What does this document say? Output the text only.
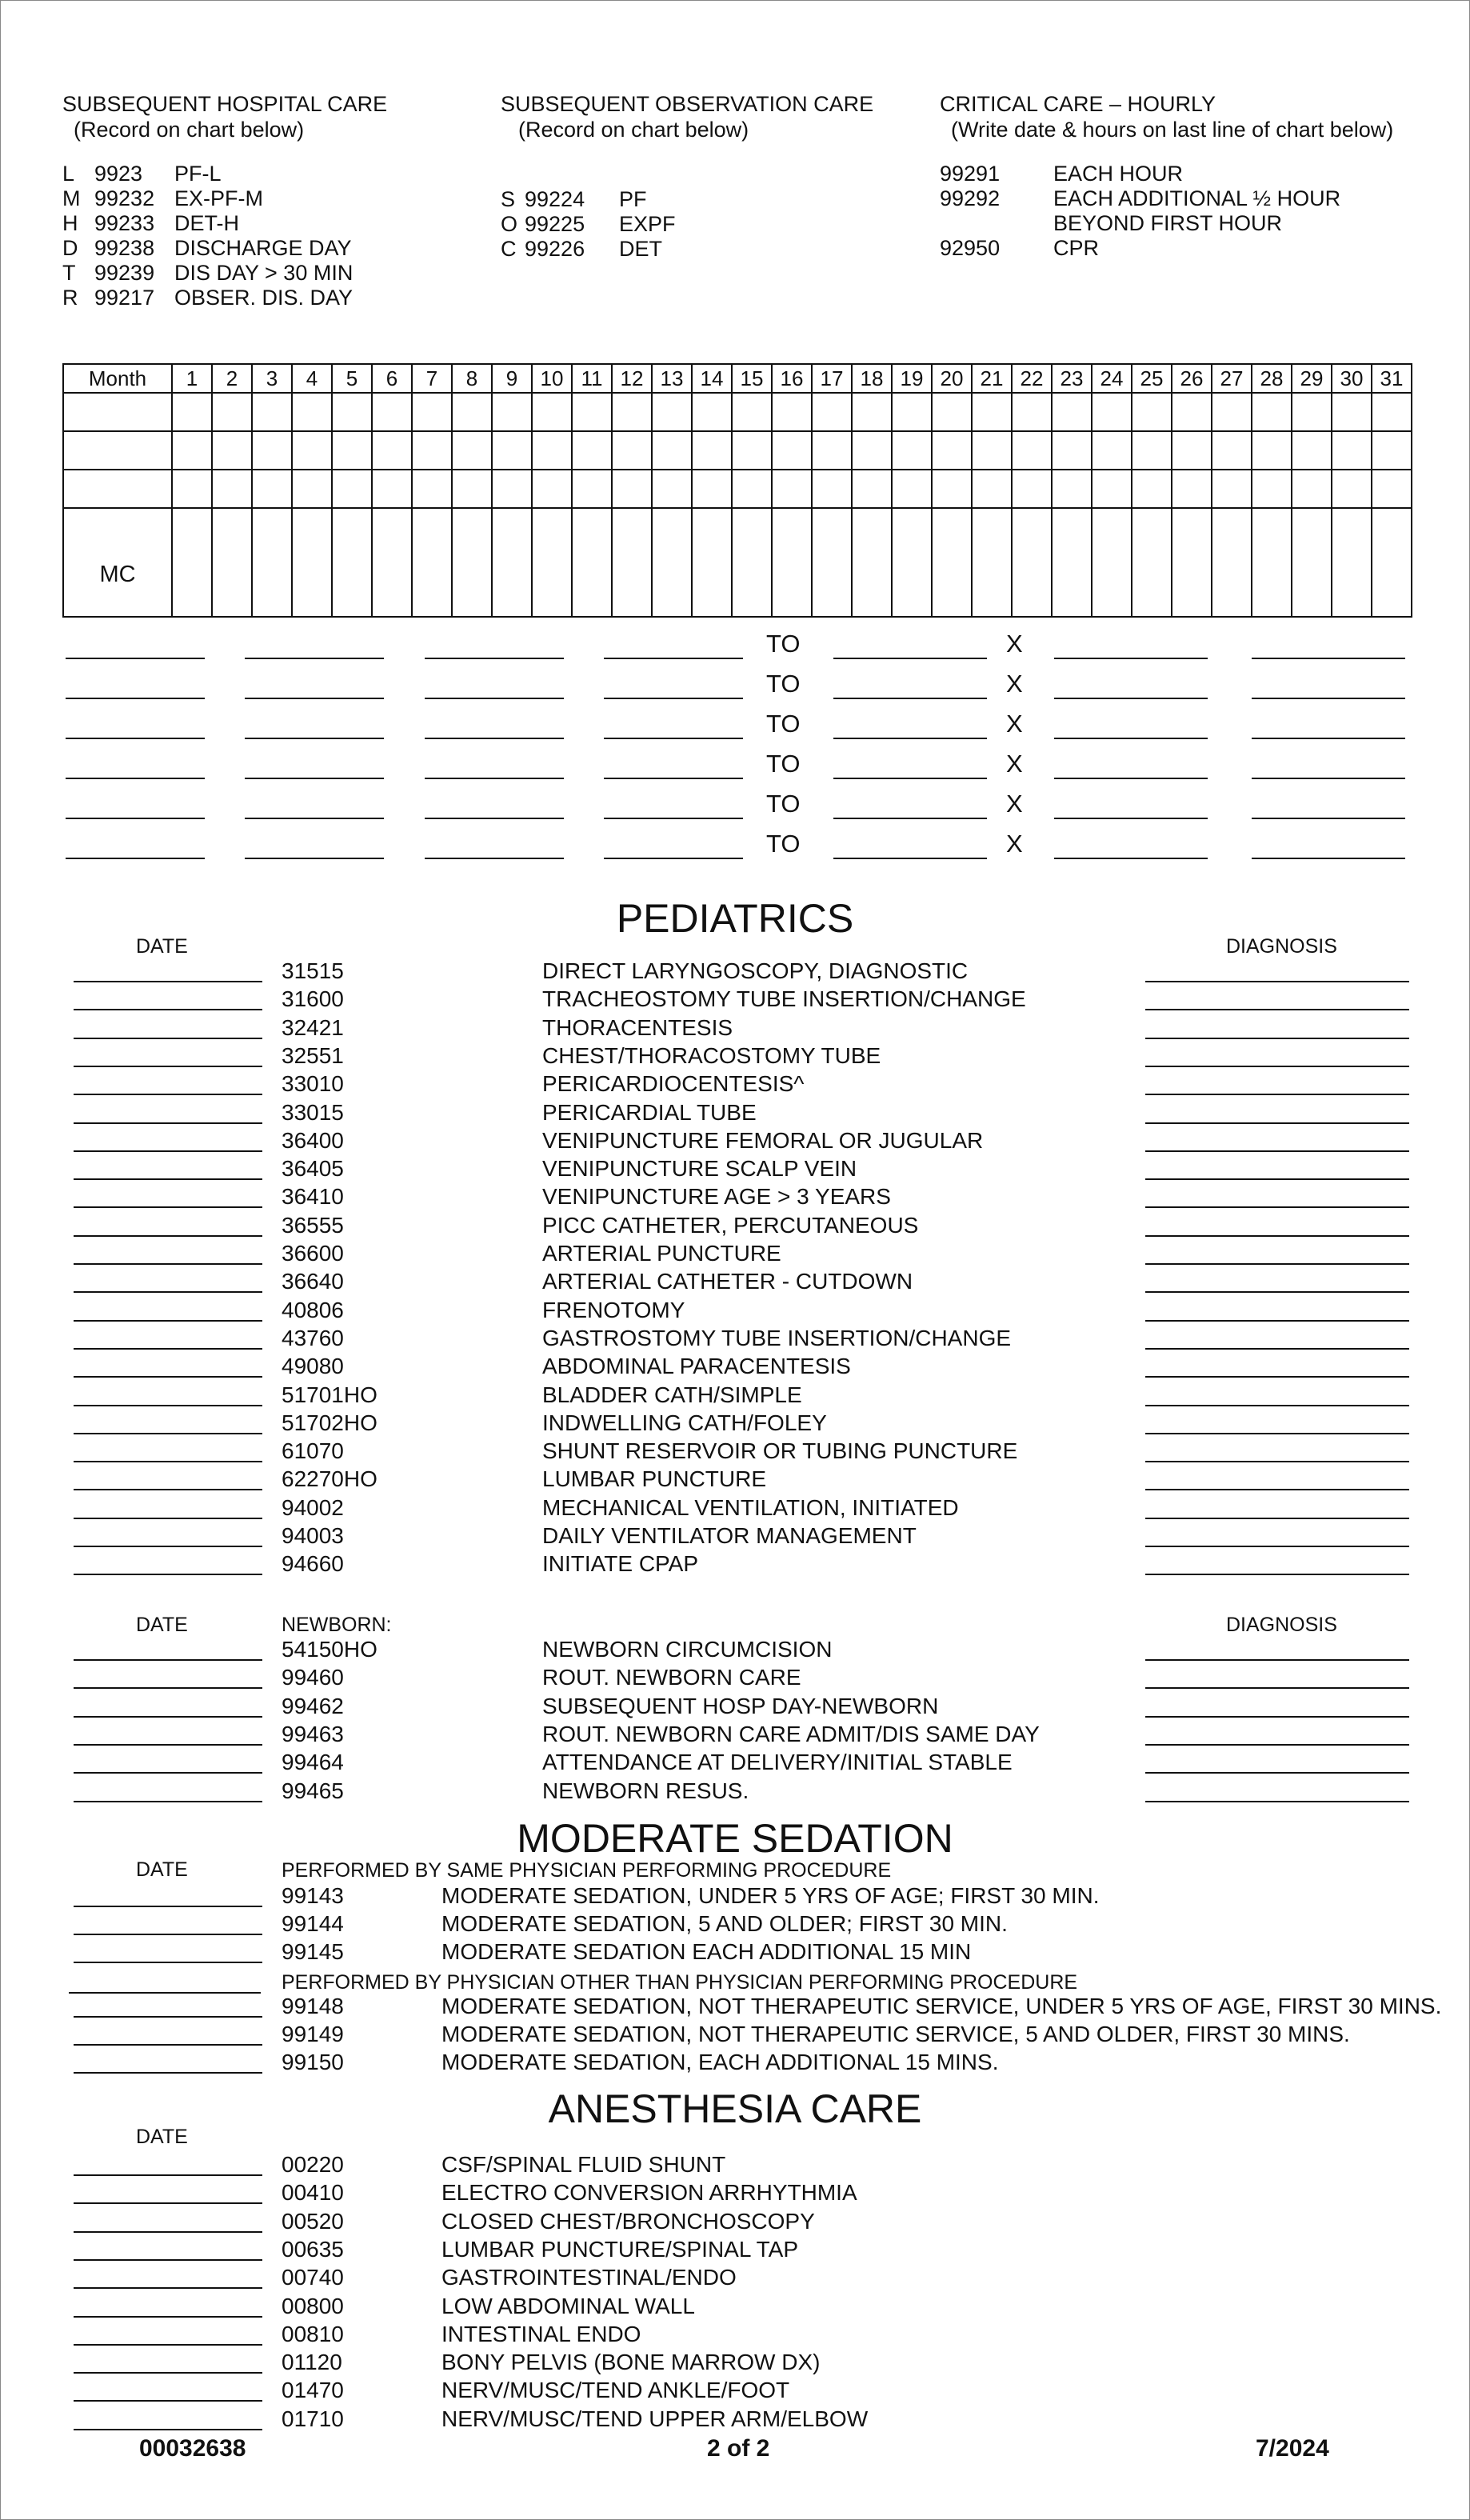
SUBSEQUENT HOSPITAL CARE
(Record on chart below)
L 9923 PF-L
M 99232 EX-PF-M
H 99233 DET-H
D 99238 DISCHARGE DAY
T 99239 DIS DAY > 30 MIN
R 99217 OBSER. DIS. DAY
SUBSEQUENT OBSERVATION CARE
(Record on chart below)
S 99224 PF
O 99225 EXPF
C 99226 DET
CRITICAL CARE – HOURLY
(Write date & hours on last line of chart below)
99291 EACH HOUR
99292 EACH ADDITIONAL ½ HOUR
BEYOND FIRST HOUR
92950 CPR
Month	1	2	3	4	5	6	7	8	9	10	11	12	13	14	15	16	17	18	19	20	21	22	23	24	25	26	27	28	29	30	31

MC																															
TO	X
TO	X
TO	X
TO	X
TO	X
TO	X
PEDIATRICS
DATE	DIAGNOSIS
31515	DIRECT LARYNGOSCOPY, DIAGNOSTIC
31600	TRACHEOSTOMY TUBE INSERTION/CHANGE
32421	THORACENTESIS
32551	CHEST/THORACOSTOMY TUBE
33010	PERICARDIOCENTESIS^
33015	PERICARDIAL TUBE
36400	VENIPUNCTURE FEMORAL OR JUGULAR
36405	VENIPUNCTURE SCALP VEIN
36410	VENIPUNCTURE AGE > 3 YEARS
36555	PICC CATHETER, PERCUTANEOUS
36600	ARTERIAL PUNCTURE
36640	ARTERIAL CATHETER - CUTDOWN
40806	FRENOTOMY
43760	GASTROSTOMY TUBE INSERTION/CHANGE
49080	ABDOMINAL PARACENTESIS
51701HO	BLADDER CATH/SIMPLE
51702HO	INDWELLING CATH/FOLEY
61070	SHUNT RESERVOIR OR TUBING PUNCTURE
62270HO	LUMBAR PUNCTURE
94002	MECHANICAL VENTILATION, INITIATED
94003	DAILY VENTILATOR MANAGEMENT
94660	INITIATE CPAP
DATE	NEWBORN:	DIAGNOSIS
54150HO	NEWBORN CIRCUMCISION
99460	ROUT. NEWBORN CARE
99462	SUBSEQUENT HOSP DAY-NEWBORN
99463	ROUT. NEWBORN CARE ADMIT/DIS SAME DAY
99464	ATTENDANCE AT DELIVERY/INITIAL STABLE
99465	NEWBORN RESUS.
MODERATE SEDATION
DATE	PERFORMED BY SAME PHYSICIAN PERFORMING PROCEDURE
99143	MODERATE SEDATION, UNDER 5 YRS OF AGE; FIRST 30 MIN.
99144	MODERATE SEDATION, 5 AND OLDER; FIRST 30 MIN.
99145	MODERATE SEDATION EACH ADDITIONAL 15 MIN
PERFORMED BY PHYSICIAN OTHER THAN PHYSICIAN PERFORMING PROCEDURE
99148	MODERATE SEDATION, NOT THERAPEUTIC SERVICE, UNDER 5 YRS OF AGE, FIRST 30 MINS.
99149	MODERATE SEDATION, NOT THERAPEUTIC SERVICE, 5 AND OLDER, FIRST 30 MINS.
99150	MODERATE SEDATION, EACH ADDITIONAL 15 MINS.
ANESTHESIA CARE
DATE
00220	CSF/SPINAL FLUID SHUNT
00410	ELECTRO CONVERSION ARRHYTHMIA
00520	CLOSED CHEST/BRONCHOSCOPY
00635	LUMBAR PUNCTURE/SPINAL TAP
00740	GASTROINTESTINAL/ENDO
00800	LOW ABDOMINAL WALL
00810	INTESTINAL ENDO
01120	BONY PELVIS (BONE MARROW DX)
01470	NERV/MUSC/TEND ANKLE/FOOT
01710	NERV/MUSC/TEND UPPER ARM/ELBOW
00032638	2 of 2	7/2024
